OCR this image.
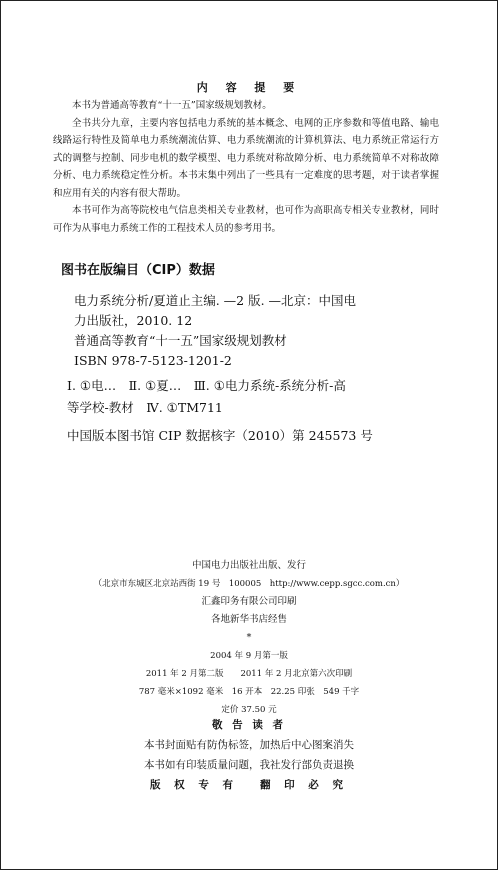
内 容 提 要

本书为普通高等教育“十一五”国家级规划教材。

全书共分九章，主要内容包括电力系统的基本概念、电网的正序参数和等值电路、输电线路运行特性及简单电力系统潮流估算、电力系统潮流的计算机算法、电力系统正常运行方式的调整与控制、同步电机的数学模型、电力系统对称故障分析、电力系统简单不对称故障分析、电力系统稳定性分析。本书末集中列出了一些具有一定难度的思考题，对于读者掌握和应用有关的内容有很大帮助。

本书可作为高等院校电气信息类相关专业教材，也可作为高职高专相关专业教材，同时可作为从事电力系统工作的工程技术人员的参考用书。

图书在版编目（CIP）数据
电力系统分析/夏道止主编. —2 版. —北京：中国电
力出版社，2010. 12
普通高等教育“十一五”国家级规划教材
ISBN 978-7-5123-1201-2
Ⅰ. ①电…　Ⅱ. ①夏…　Ⅲ. ①电力系统-系统分析-高
等学校-教材　Ⅳ. ①TM711
中国版本图书馆 CIP 数据核字（2010）第 245573 号
中国电力出版社出版、发行
（北京市东城区北京站西街 19 号　100005　http://www.cepp.sgcc.com.cn）
汇鑫印务有限公司印刷
各地新华书店经售
*
2004 年 9 月第一版
2011 年 2 月第二版　　2011 年 2 月北京第六次印刷
787 毫米×1092 毫米　16 开本　22.25 印张　549 千字
定价 37.50 元
敬 告 读 者
本书封面贴有防伪标签，加热后中心图案消失
本书如有印装质量问题，我社发行部负责退换
版 权 专 有 翻 印 必 究
